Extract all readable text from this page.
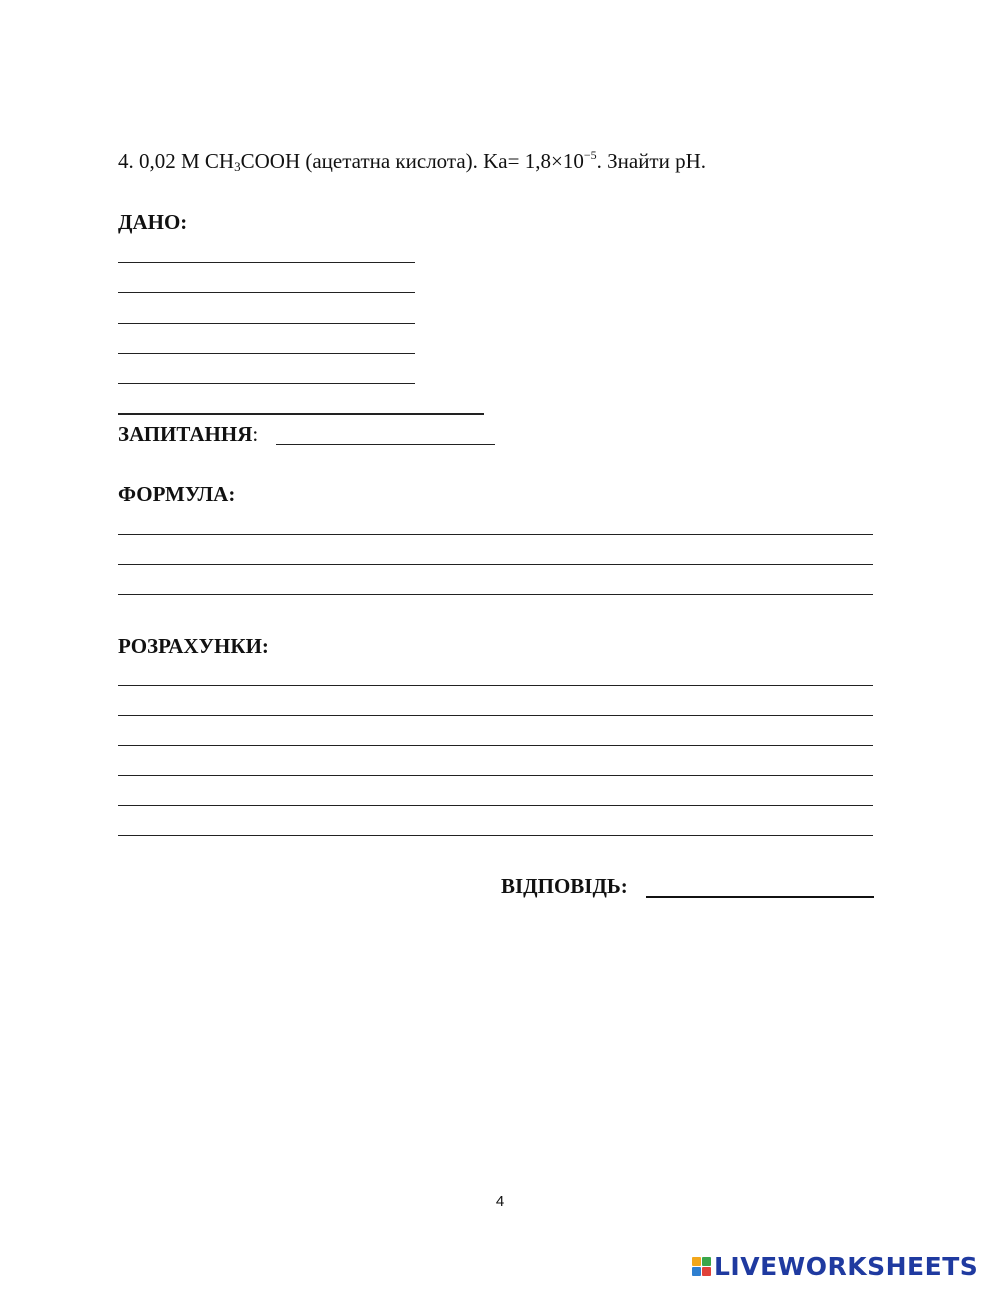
4. 0,02 М $CH_3COOH$ (ацетатна кислота). $Ka= 1,8\times 10^{-5}$. Знайти pH.
ДАНО:
ЗАПИТАННЯ:
ФОРМУЛА:
РОЗРАХУНКИ:
ВІДПОВІДЬ:
4
LIVEWORKSHEETS
